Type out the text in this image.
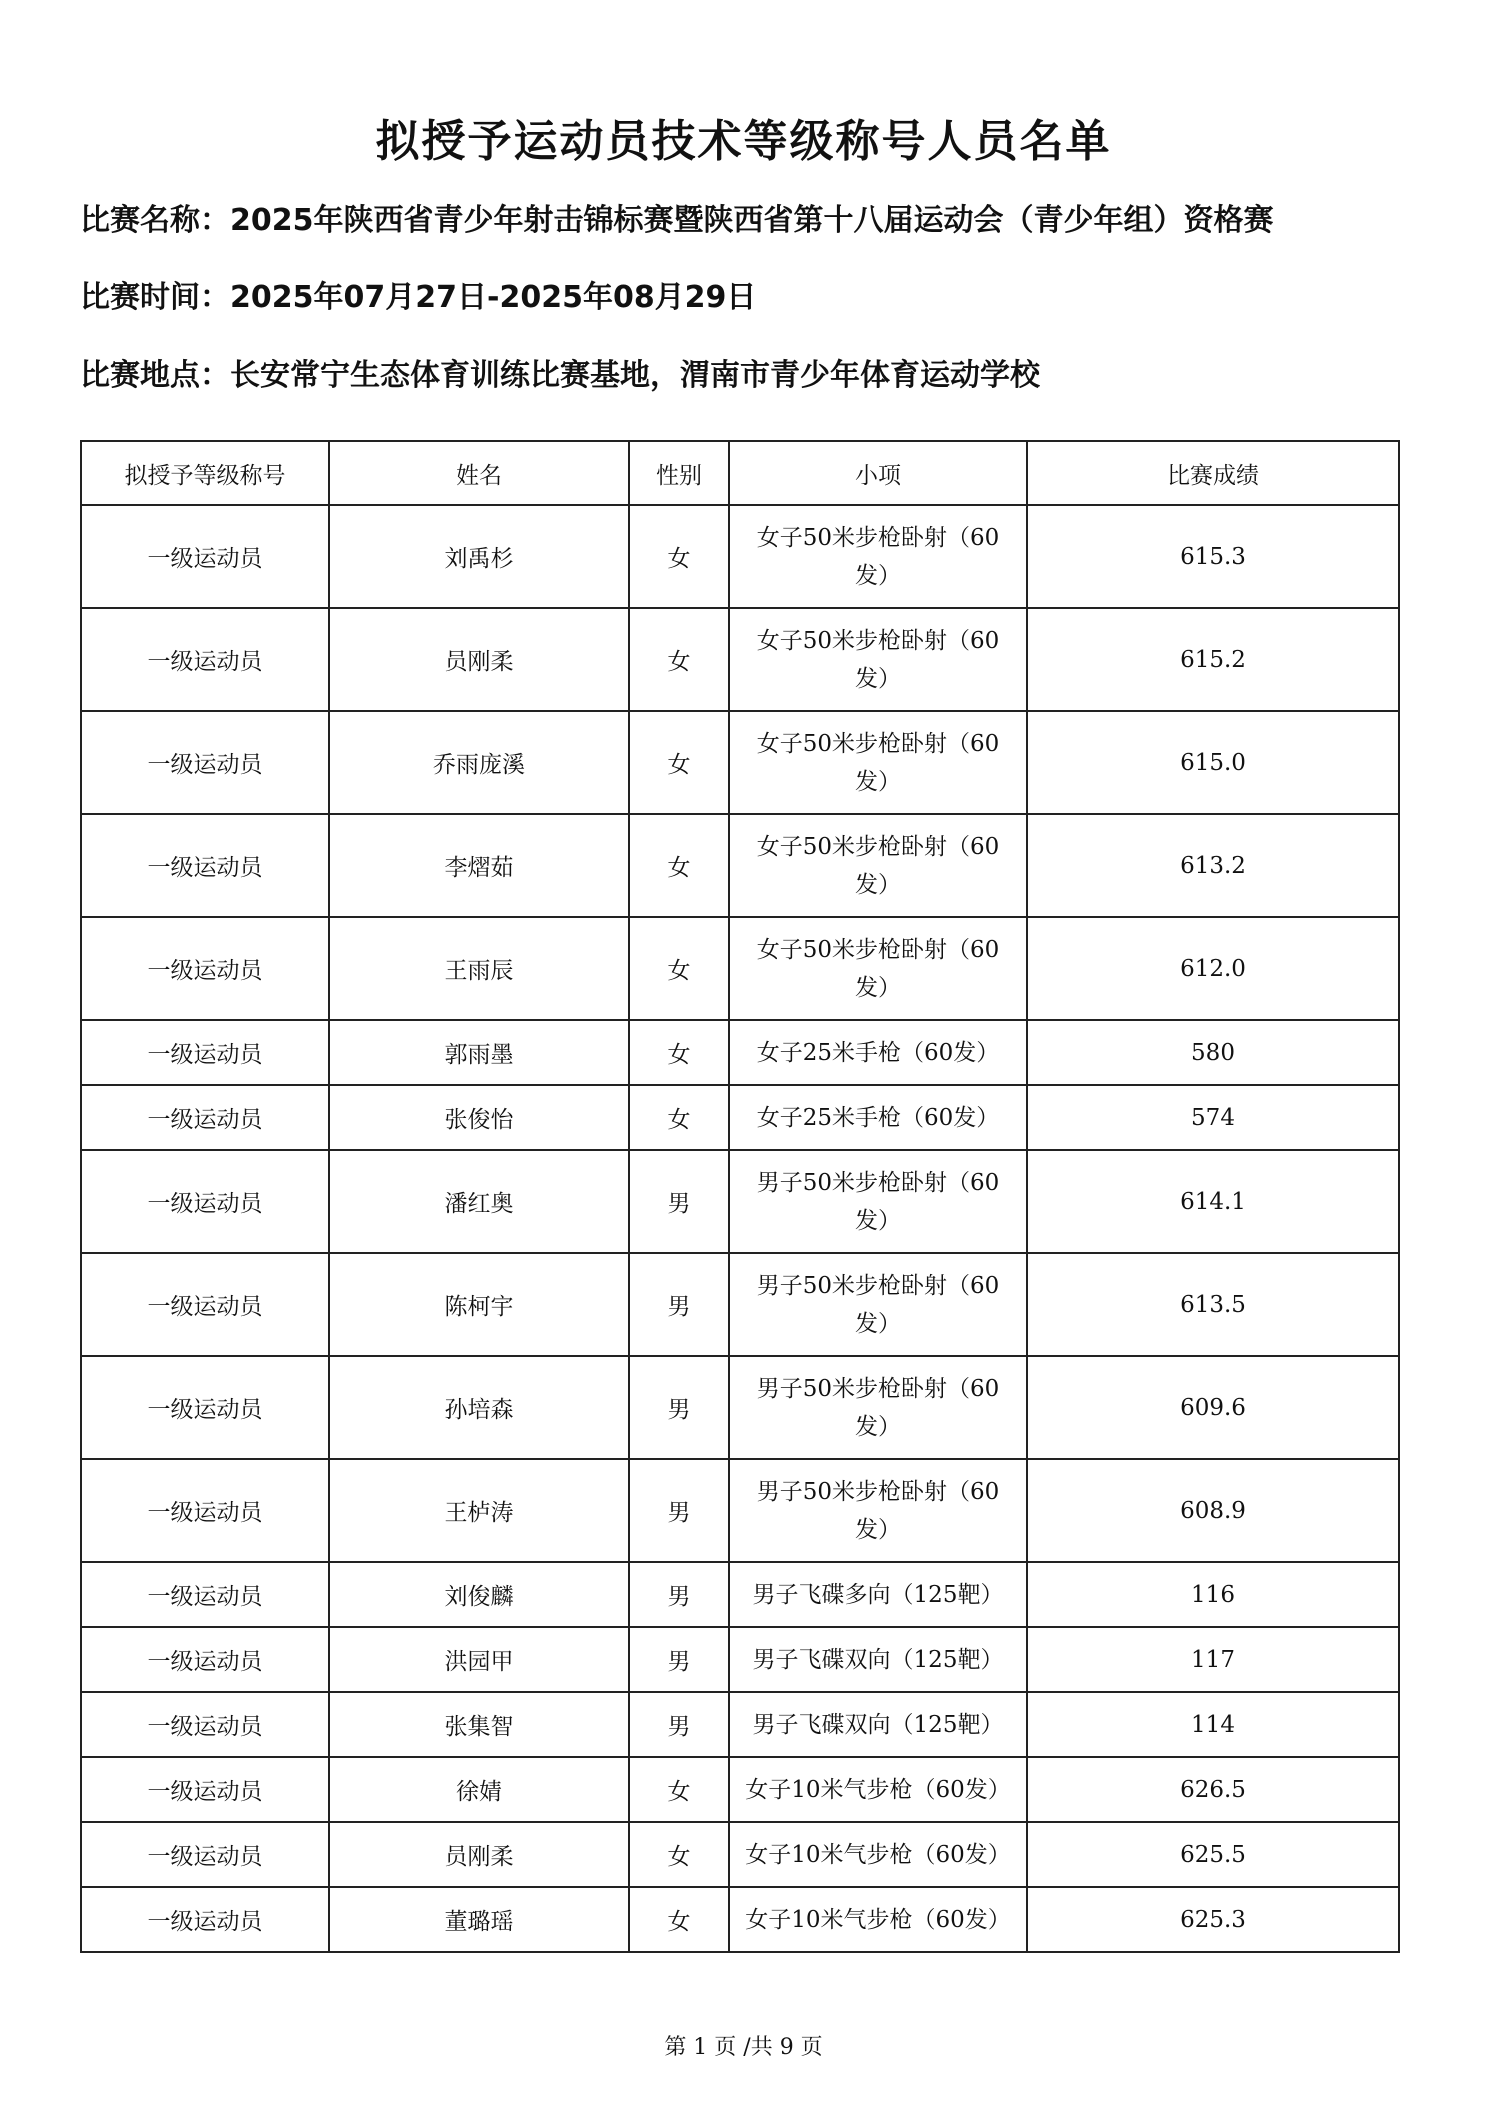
拟授予运动员技术等级称号人员名单
比赛名称：2025年陕西省青少年射击锦标赛暨陕西省第十八届运动会（青少年组）资格赛
比赛时间：2025年07月27日-2025年08月29日
比赛地点：长安常宁生态体育训练比赛基地，渭南市青少年体育运动学校
拟授予等级称号	姓名	性别	小项	比赛成绩
一级运动员	刘禹杉	女	女子50米步枪卧射（60发）	615.3
一级运动员	员刚柔	女	女子50米步枪卧射（60发）	615.2
一级运动员	乔雨庞溪	女	女子50米步枪卧射（60发）	615.0
一级运动员	李熠茹	女	女子50米步枪卧射（60发）	613.2
一级运动员	王雨辰	女	女子50米步枪卧射（60发）	612.0
一级运动员	郭雨墨	女	女子25米手枪（60发）	580
一级运动员	张俊怡	女	女子25米手枪（60发）	574
一级运动员	潘红奥	男	男子50米步枪卧射（60发）	614.1
一级运动员	陈柯宇	男	男子50米步枪卧射（60发）	613.5
一级运动员	孙培森	男	男子50米步枪卧射（60发）	609.6
一级运动员	王栌涛	男	男子50米步枪卧射（60发）	608.9
一级运动员	刘俊麟	男	男子飞碟多向（125靶）	116
一级运动员	洪园甲	男	男子飞碟双向（125靶）	117
一级运动员	张集智	男	男子飞碟双向（125靶）	114
一级运动员	徐婧	女	女子10米气步枪（60发）	626.5
一级运动员	员刚柔	女	女子10米气步枪（60发）	625.5
一级运动员	董璐瑶	女	女子10米气步枪（60发）	625.3
第 1 页 /共 9 页
